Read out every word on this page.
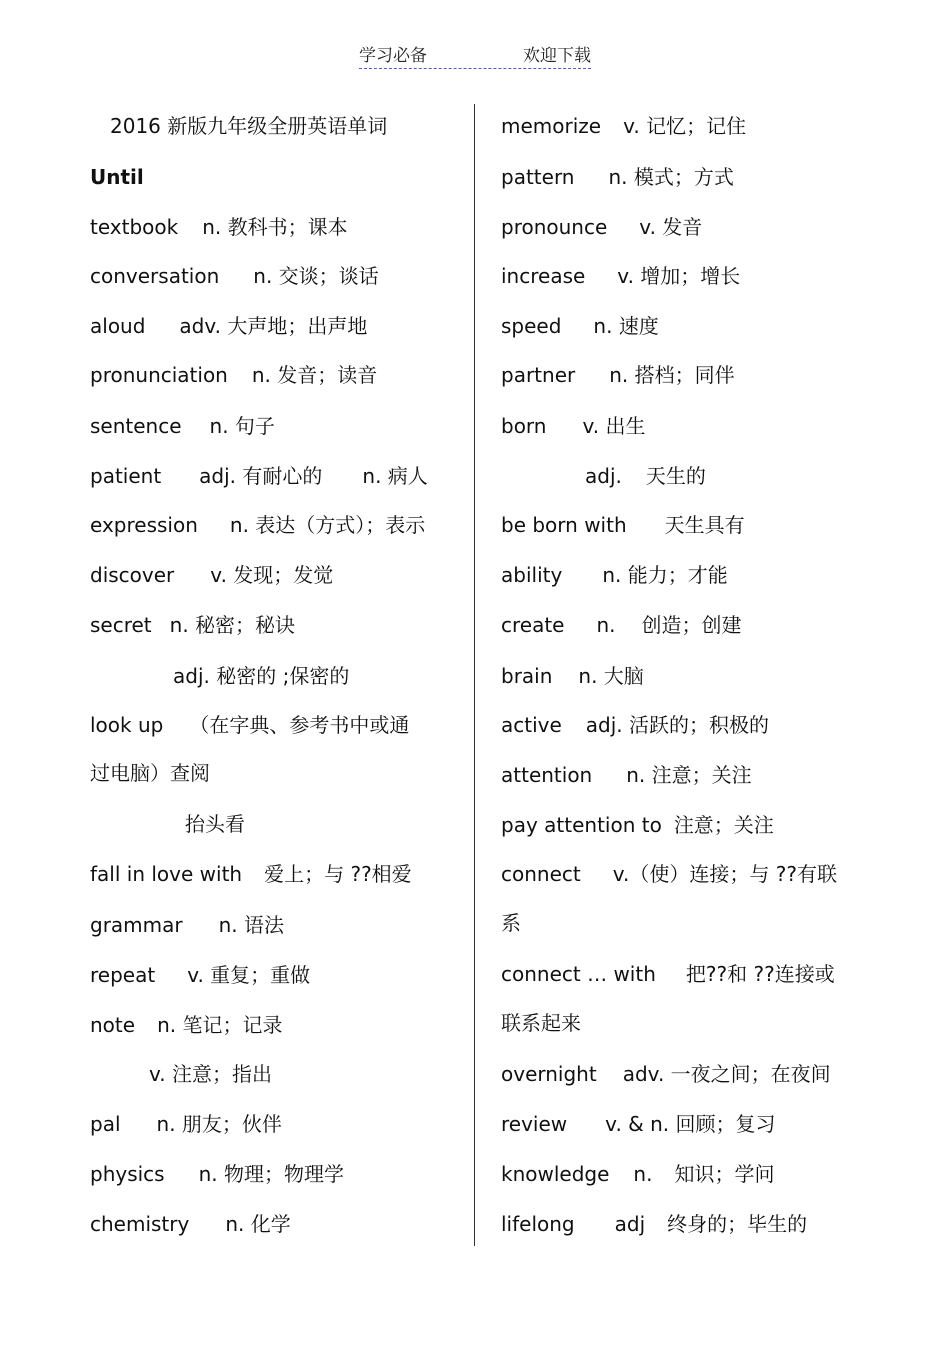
学习必备	欢迎下载
2016 新版九年级全册英语单词
Until
textbook n. 教科书；课本
conversation n. 交谈；谈话
aloud adv. 大声地；出声地
pronunciation n. 发音；读音
sentence n. 句子
patient adj. 有耐心的 n. 病人
expression n. 表达（方式）；表示
discover v. 发现；发觉
secret n. 秘密；秘诀
adj. 秘密的 ;保密的
look up （在字典、参考书中或通
过电脑）查阅
抬头看
fall in love with 爱上；与 ??相爱
grammar n. 语法
repeat v. 重复；重做
note n. 笔记；记录
v. 注意；指出
pal n. 朋友；伙伴
physics n. 物理；物理学
chemistry n. 化学
memorize v. 记忆；记住
pattern n. 模式；方式
pronounce v. 发音
increase v. 增加；增长
speed n. 速度
partner n. 搭档；同伴
born v. 出生
adj. 天生的
be born with 天生具有
ability n. 能力；才能
create n. 创造；创建
brain n. 大脑
active adj. 活跃的；积极的
attention n. 注意；关注
pay attention to 注意；关注
connect v.（使）连接；与 ??有联
系
connect … with 把??和 ??连接或
联系起来
overnight adv. 一夜之间；在夜间
review v. & n. 回顾；复习
knowledge n. 知识；学问
lifelong adj 终身的；毕生的
